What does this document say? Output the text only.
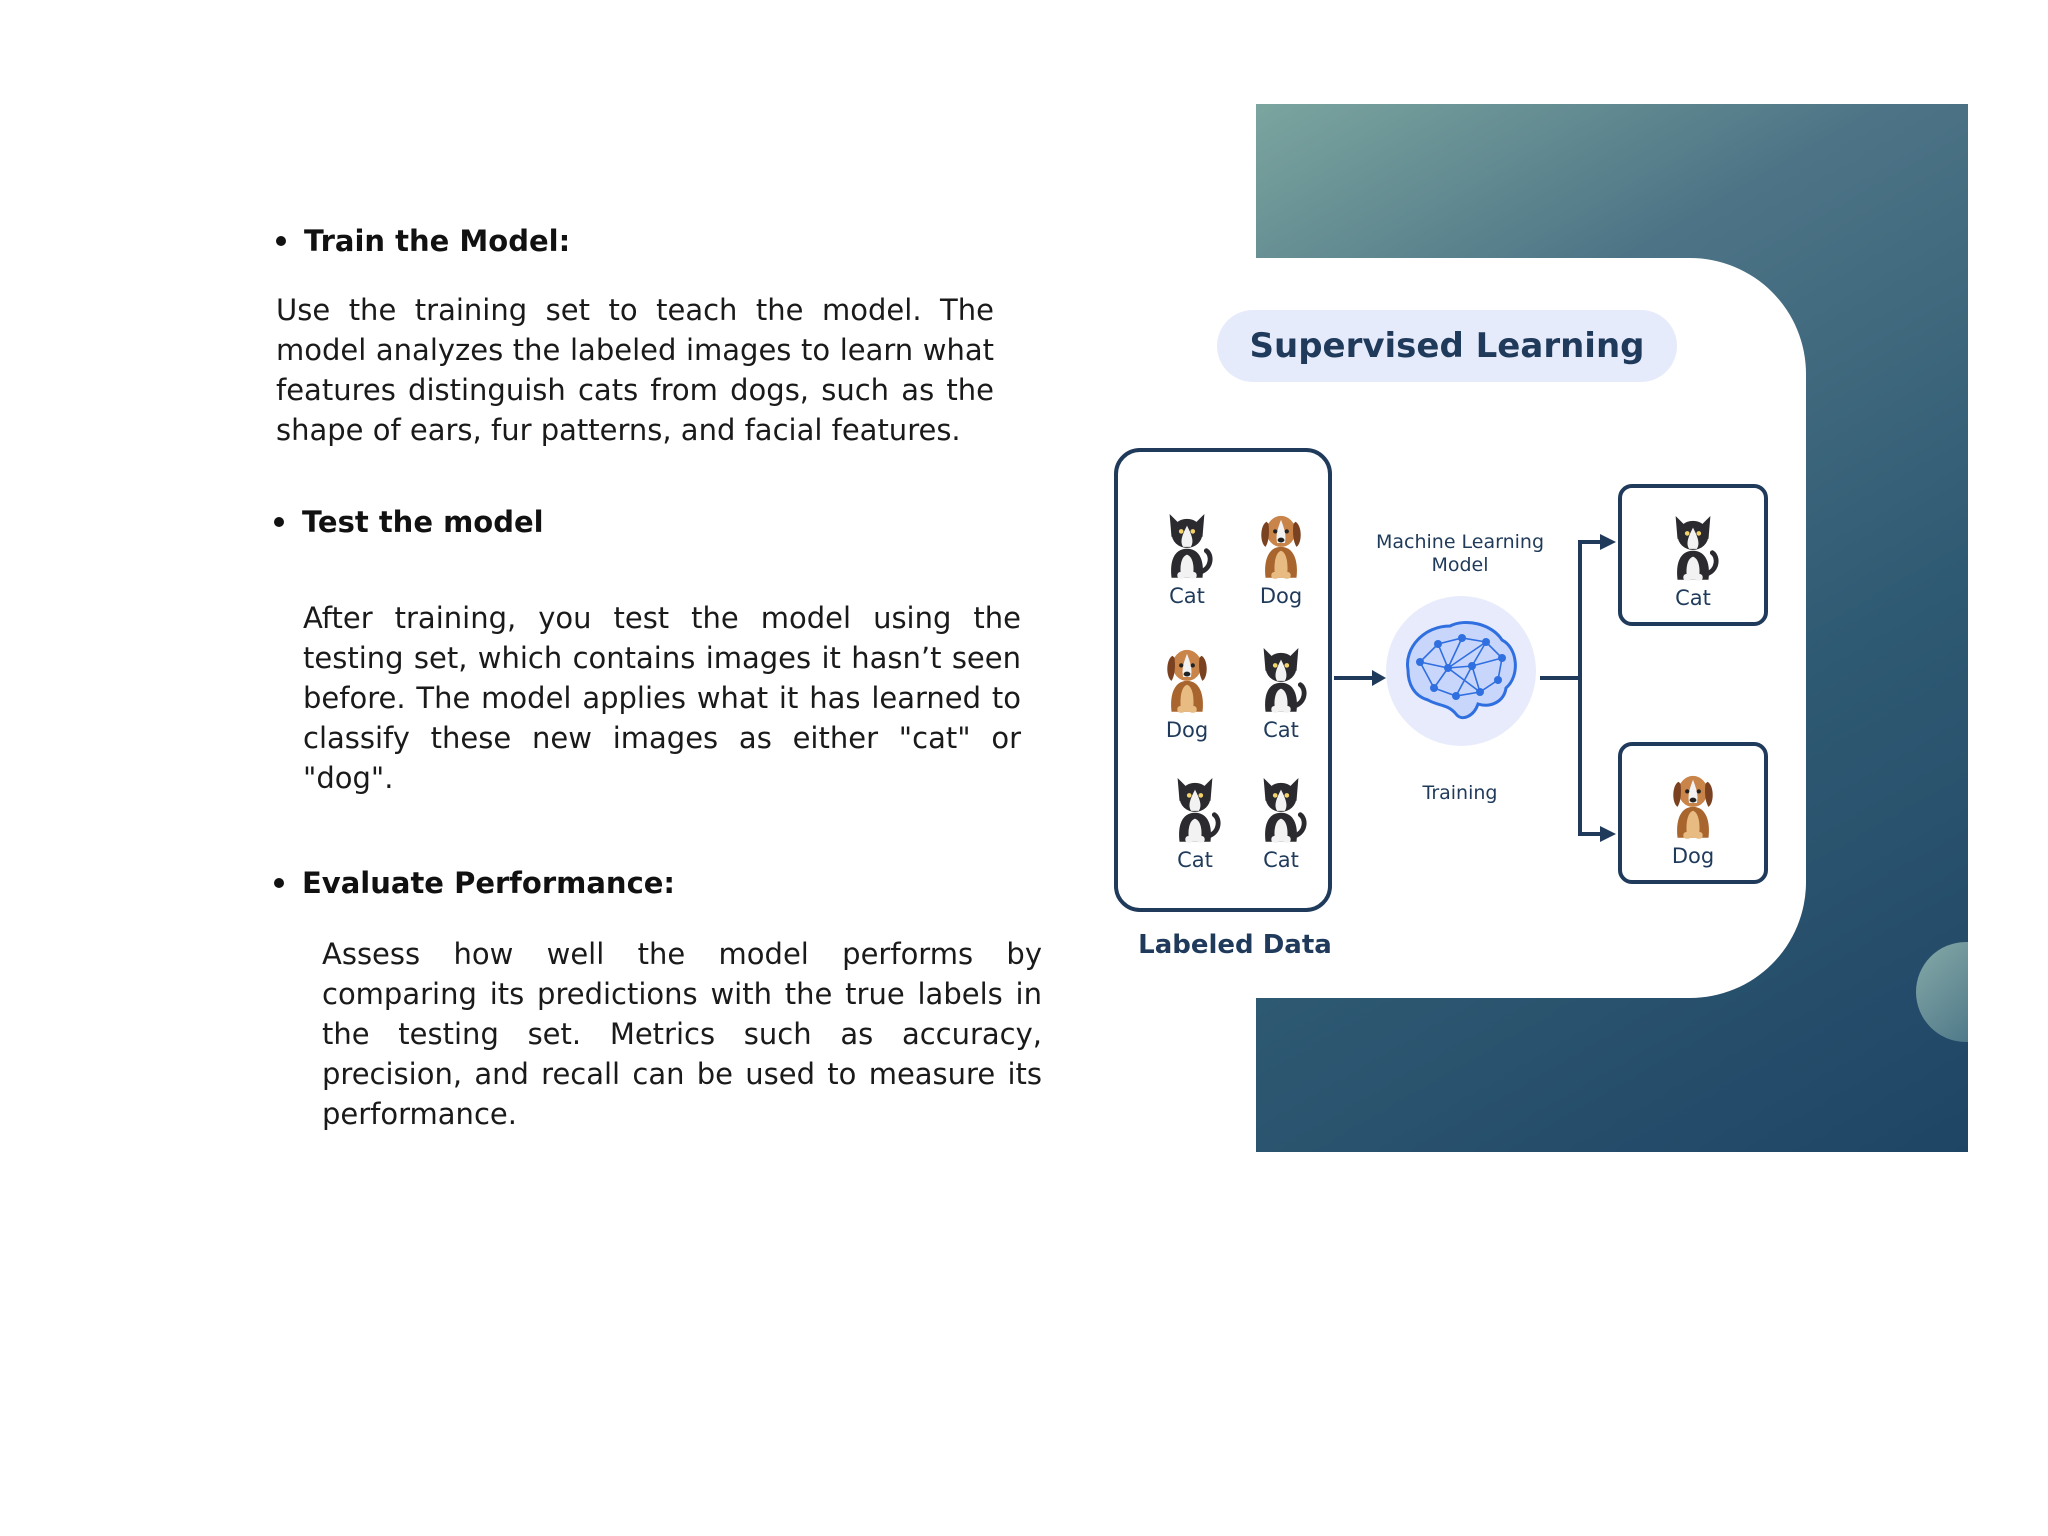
Train the Model:
Use the training set to teach the model. The model analyzes the labeled images to learn what features distinguish cats from dogs, such as the shape of ears, fur patterns, and facial features.
Test the model
After training, you test the model using the testing set, which contains images it hasn’t seen before. The model applies what it has learned to classify these new images as either "cat" or "dog".
Evaluate Performance:
Assess how well the model performs by comparing its predictions with the true labels in the testing set. Metrics such as accuracy, precision, and recall can be used to measure its performance.
Supervised Learning
Cat	Dog
Dog	Cat
Cat	Cat
Labeled Data
Machine Learning Model
Training
Cat
Dog
